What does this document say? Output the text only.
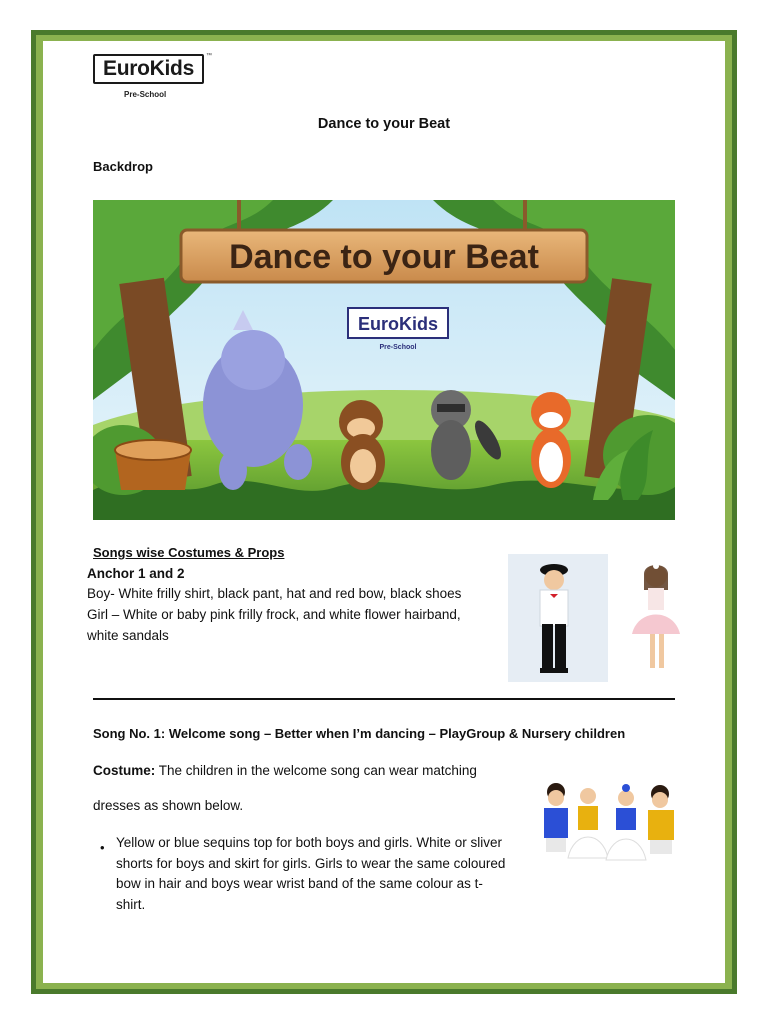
EuroKids
™
Pre-School
Dance to your Beat
Backdrop
Dance to your Beat
EuroKids
Pre-School
Songs wise Costumes & Props
Anchor 1 and 2
Boy- White frilly shirt, black pant, hat and red bow, black shoes
Girl – White or baby pink frilly frock, and white flower hairband,
white sandals
Song No. 1: Welcome song – Better when I’m dancing – PlayGroup & Nursery children
Costume: The children in the welcome song can wear matching
dresses as shown below.
• Yellow or blue sequins top for both boys and girls. White or sliver
shorts for boys and skirt for girls. Girls to wear the same coloured
bow in hair and boys wear wrist band of the same colour as t-
shirt.
